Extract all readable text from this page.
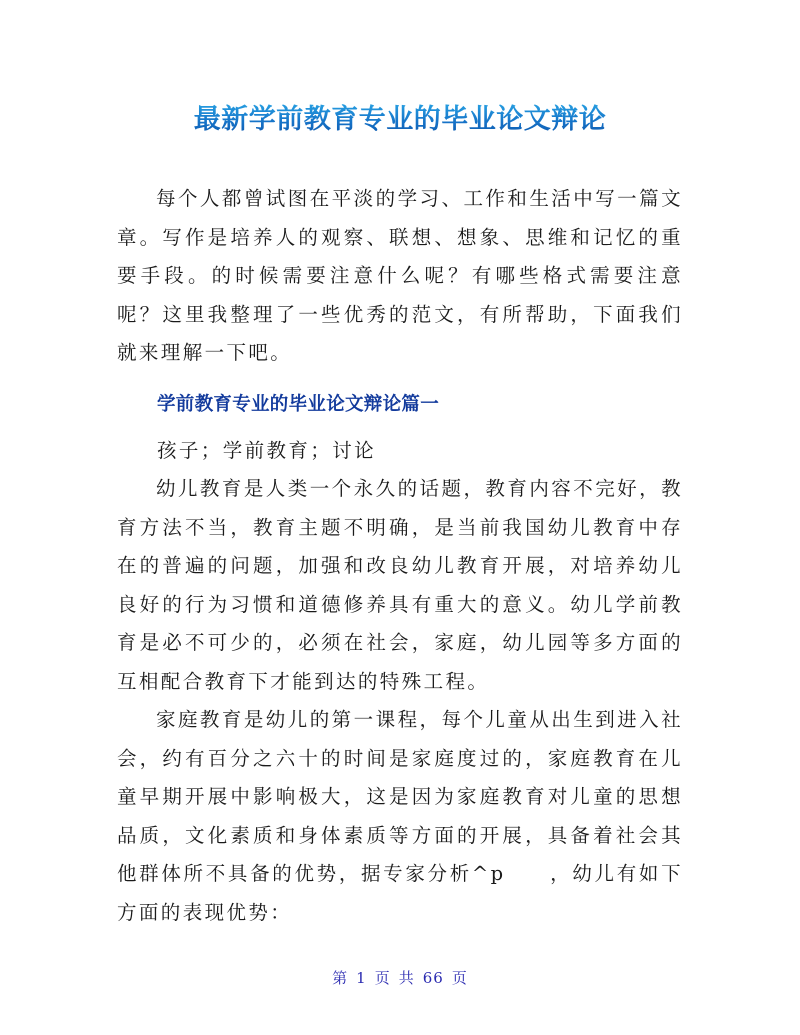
最新学前教育专业的毕业论文辩论

每个人都曾试图在平淡的学习、工作和生活中写一篇文章。写作是培养人的观察、联想、想象、思维和记忆的重要手段。的时候需要注意什么呢？有哪些格式需要注意呢？这里我整理了一些优秀的范文，有所帮助，下面我们就来理解一下吧。

学前教育专业的毕业论文辩论篇一

孩子；学前教育；讨论

幼儿教育是人类一个永久的话题，教育内容不完好，教育方法不当，教育主题不明确，是当前我国幼儿教育中存在的普遍的问题，加强和改良幼儿教育开展，对培养幼儿良好的行为习惯和道德修养具有重大的意义。幼儿学前教育是必不可少的，必须在社会，家庭，幼儿园等多方面的互相配合教育下才能到达的特殊工程。

家庭教育是幼儿的第一课程，每个儿童从出生到进入社会，约有百分之六十的时间是家庭度过的，家庭教育在儿童早期开展中影响极大，这是因为家庭教育对儿童的思想品质，文化素质和身体素质等方面的开展，具备着社会其他群体所不具备的优势，据专家分析^p　　，幼儿有如下方面的表现优势：

第 1 页 共 66 页
